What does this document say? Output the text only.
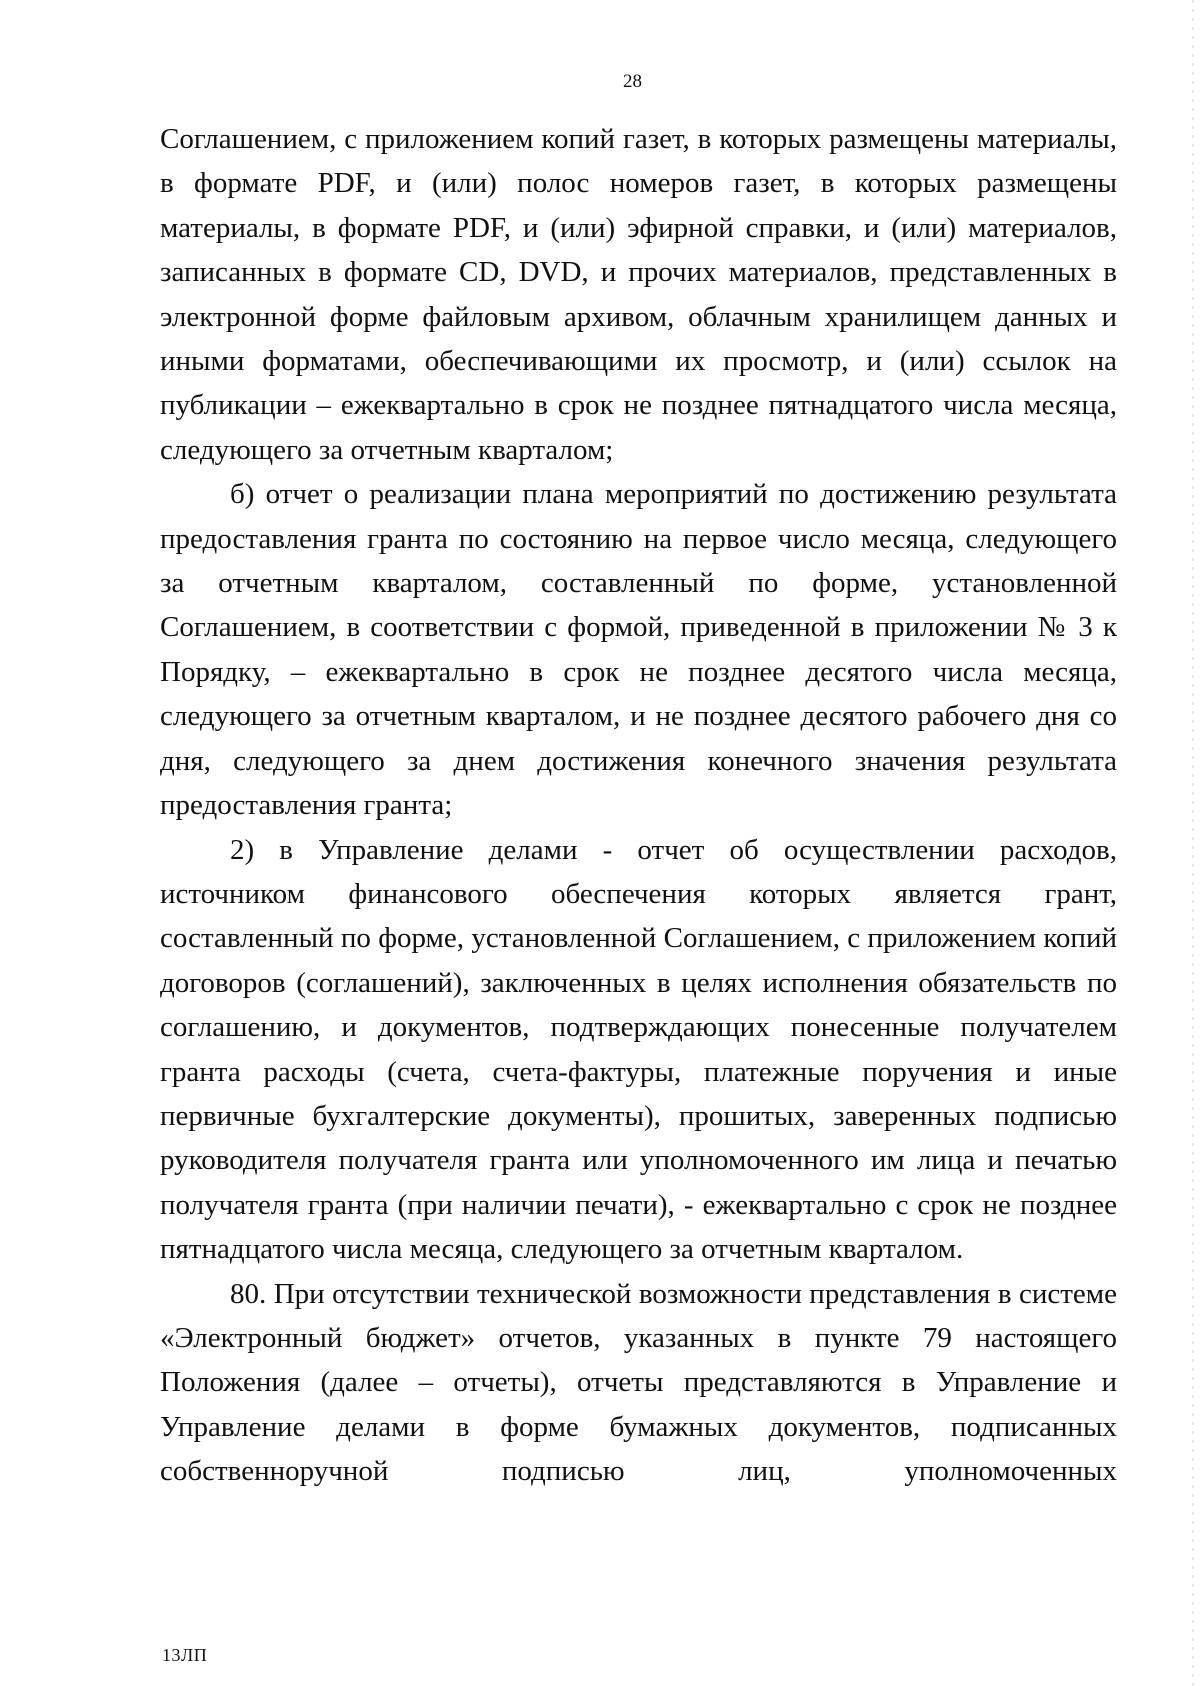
28

Соглашением, с приложением копий газет, в которых размещены материалы, в формате PDF, и (или) полос номеров газет, в которых размещены материалы, в формате PDF, и (или) эфирной справки, и (или) материалов, записанных в формате CD, DVD, и прочих материалов, представленных в электронной форме файловым архивом, облачным хранилищем данных и иными форматами, обеспечивающими их просмотр, и (или) ссылок на публикации – ежеквартально в срок не позднее пятнадцатого числа месяца, следующего за отчетным кварталом;

б) отчет о реализации плана мероприятий по достижению результата предоставления гранта по состоянию на первое число месяца, следующего за отчетным кварталом, составленный по форме, установленной Соглашением, в соответствии с формой, приведенной в приложении № 3 к Порядку, – ежеквартально в срок не позднее десятого числа месяца, следующего за отчетным кварталом, и не позднее десятого рабочего дня со дня, следующего за днем достижения конечного значения результата предоставления гранта;

2) в Управление делами - отчет об осуществлении расходов, источником финансового обеспечения которых является грант, составленный по форме, установленной Соглашением, с приложением копий договоров (соглашений), заключенных в целях исполнения обязательств по соглашению, и документов, подтверждающих понесенные получателем гранта расходы (счета, счета-фактуры, платежные поручения и иные первичные бухгалтерские документы), прошитых, заверенных подписью руководителя получателя гранта или уполномоченного им лица и печатью получателя гранта (при наличии печати), - ежеквартально с срок не позднее пятнадцатого числа месяца, следующего за отчетным кварталом.

80. При отсутствии технической возможности представления в системе «Электронный бюджет» отчетов, указанных в пункте 79 настоящего Положения (далее – отчеты), отчеты представляются в Управление и Управление делами в форме бумажных документов, подписанных собственноручной подписью лиц, уполномоченных

13ЛП
